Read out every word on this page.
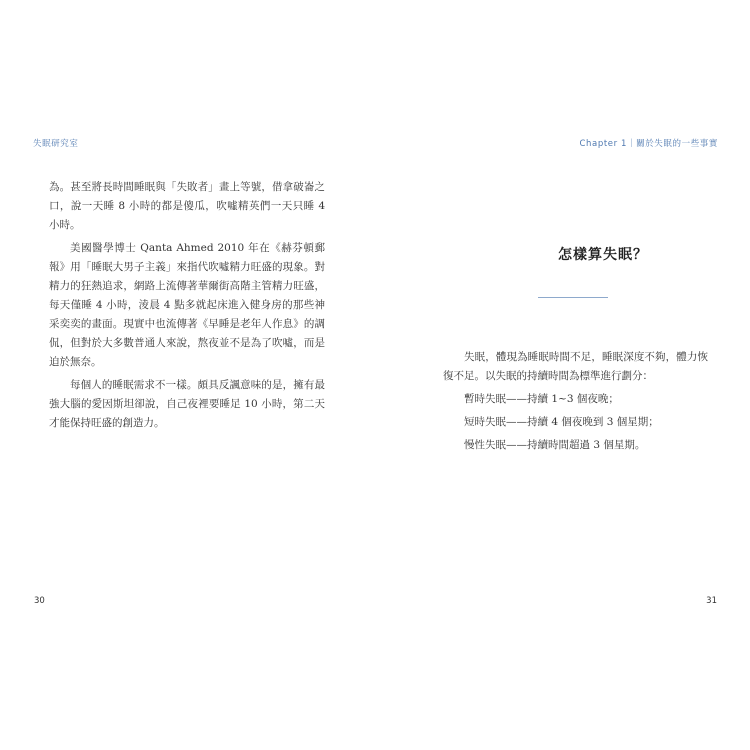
失眠研究室

為。甚至將長時間睡眠與「失敗者」畫上等號，借拿破崙之口，說一天睡 8 小時的都是傻瓜，吹噓精英們一天只睡 4 小時。

美國醫學博士 Qanta Ahmed 2010 年在《赫芬頓郵報》用「睡眠大男子主義」來指代吹噓精力旺盛的現象。對精力的狂熱追求，網路上流傳著華爾街高階主管精力旺盛，每天僅睡 4 小時，淩晨 4 點多就起床進入健身房的那些神采奕奕的畫面。現實中也流傳著《早睡是老年人作息》的調侃，但對於大多數普通人來說，熬夜並不是為了吹噓，而是迫於無奈。

每個人的睡眠需求不一樣。頗具反諷意味的是，擁有最強大腦的愛因斯坦卻說，自己夜裡要睡足 10 小時，第二天才能保持旺盛的創造力。

30
Chapter 1｜關於失眠的一些事實
怎樣算失眠？

失眠，體現為睡眠時間不足，睡眠深度不夠，體力恢復不足。以失眠的持續時間為標準進行劃分：

暫時失眠——持續 1~3 個夜晚；

短時失眠——持續 4 個夜晚到 3 個星期；

慢性失眠——持續時間超過 3 個星期。

31
